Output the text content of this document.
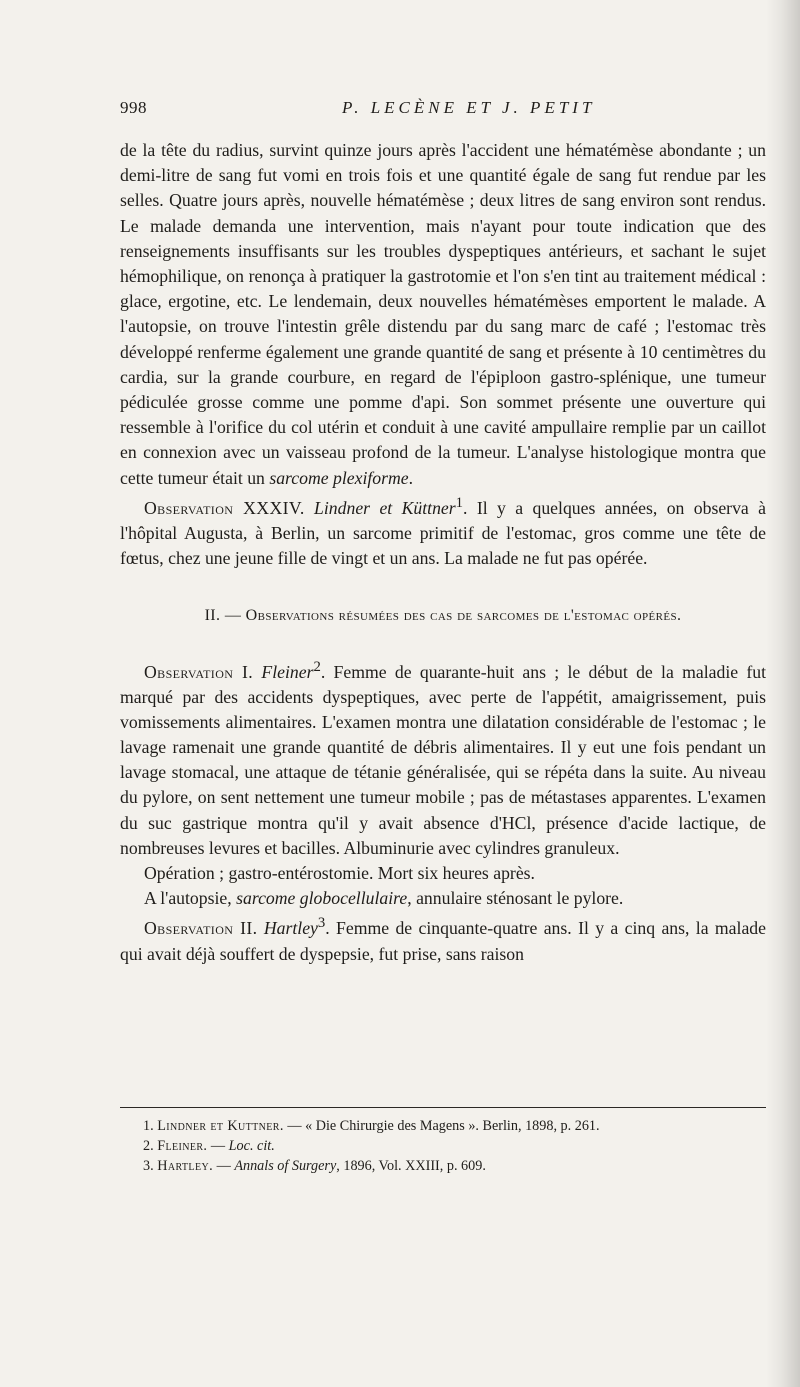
998	P. LECÈNE ET J. PETIT

de la tête du radius, survint quinze jours après l'accident une hématémèse abondante ; un demi-litre de sang fut vomi en trois fois et une quantité égale de sang fut rendue par les selles. Quatre jours après, nouvelle hématémèse ; deux litres de sang environ sont rendus. Le malade demanda une intervention, mais n'ayant pour toute indication que des renseignements insuffisants sur les troubles dyspeptiques antérieurs, et sachant le sujet hémophilique, on renonça à pratiquer la gastrotomie et l'on s'en tint au traitement médical : glace, ergotine, etc. Le lendemain, deux nouvelles hématémèses emportent le malade. A l'autopsie, on trouve l'intestin grêle distendu par du sang marc de café ; l'estomac très développé renferme également une grande quantité de sang et présente à 10 centimètres du cardia, sur la grande courbure, en regard de l'épiploon gastro-splénique, une tumeur pédiculée grosse comme une pomme d'api. Son sommet présente une ouverture qui ressemble à l'orifice du col utérin et conduit à une cavité ampullaire remplie par un caillot en connexion avec un vaisseau profond de la tumeur. L'analyse histologique montra que cette tumeur était un sarcome plexiforme.

Observation XXXIV. Lindner et Küttner$^1$. Il y a quelques années, on observa à l'hôpital Augusta, à Berlin, un sarcome primitif de l'estomac, gros comme une tête de fœtus, chez une jeune fille de vingt et un ans. La malade ne fut pas opérée.

II. — Observations résumées des cas de sarcomes de l'estomac opérés.

Observation I. Fleiner$^2$. Femme de quarante-huit ans ; le début de la maladie fut marqué par des accidents dyspeptiques, avec perte de l'appétit, amaigrissement, puis vomissements alimentaires. L'examen montra une dilatation considérable de l'estomac ; le lavage ramenait une grande quantité de débris alimentaires. Il y eut une fois pendant un lavage stomacal, une attaque de tétanie généralisée, qui se répéta dans la suite. Au niveau du pylore, on sent nettement une tumeur mobile ; pas de métastases apparentes. L'examen du suc gastrique montra qu'il y avait absence d'HCl, présence d'acide lactique, de nombreuses levures et bacilles. Albuminurie avec cylindres granuleux.

Opération ; gastro-entérostomie. Mort six heures après.

A l'autopsie, sarcome globocellulaire, annulaire sténosant le pylore.

Observation II. Hartley$^3$. Femme de cinquante-quatre ans. Il y a cinq ans, la malade qui avait déjà souffert de dyspepsie, fut prise, sans raison

1. Lindner et Kuttner. — « Die Chirurgie des Magens ». Berlin, 1898, p. 261.

2. Fleiner. — Loc. cit.

3. Hartley. — Annals of Surgery, 1896, Vol. XXIII, p. 609.
